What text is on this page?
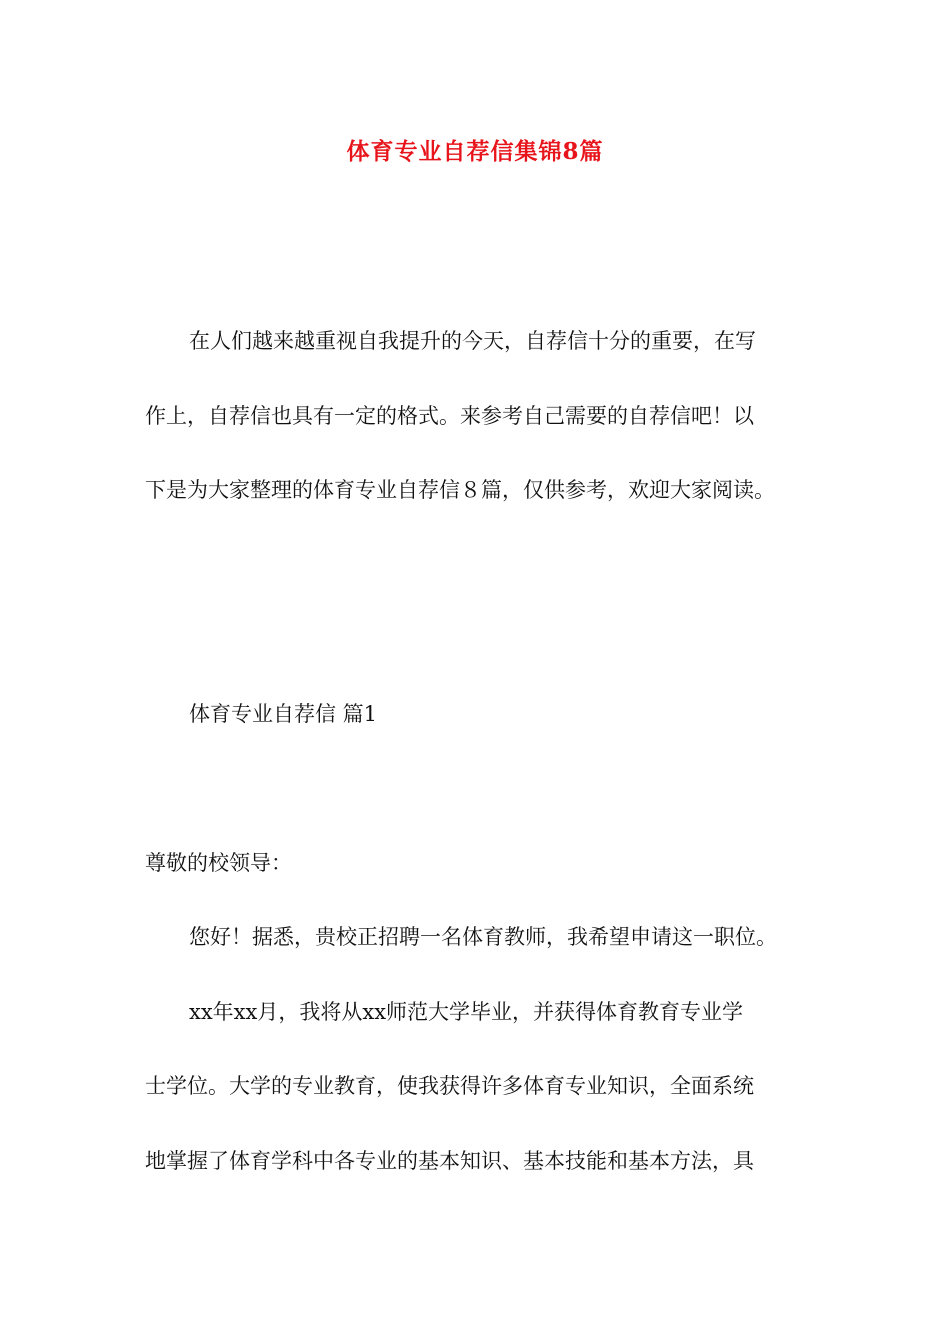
体育专业自荐信集锦8篇
在人们越来越重视自我提升的今天，自荐信十分的重要，在写
作上，自荐信也具有一定的格式。来参考自己需要的自荐信吧！以
下是为大家整理的体育专业自荐信８篇，仅供参考，欢迎大家阅读。
体育专业自荐信 篇1
尊敬的校领导：
您好！据悉，贵校正招聘一名体育教师，我希望申请这一职位。
xx年xx月，我将从xx师范大学毕业，并获得体育教育专业学
士学位。大学的专业教育，使我获得许多体育专业知识，全面系统
地掌握了体育学科中各专业的基本知识、基本技能和基本方法，具
